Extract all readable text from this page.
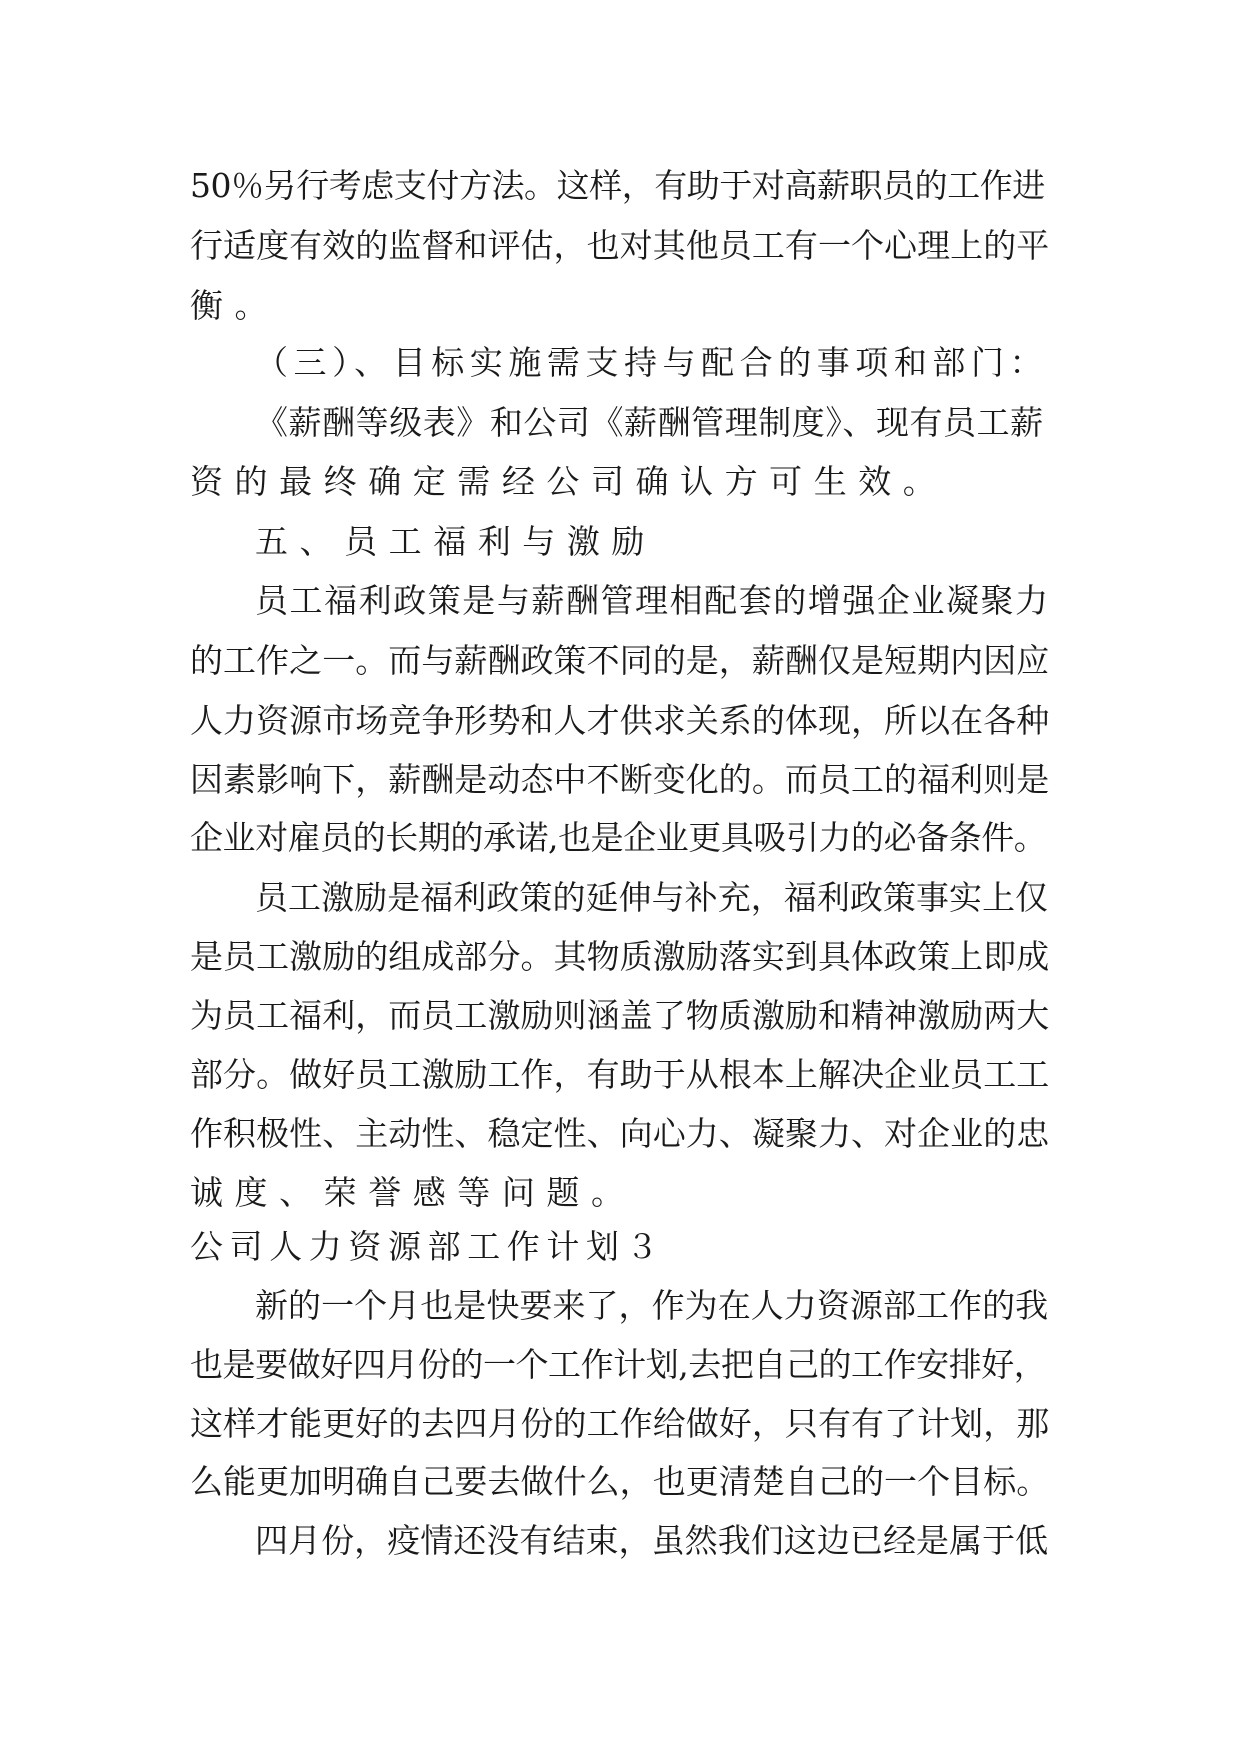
50％另行考虑支付方法。这样，有助于对高薪职员的工作进
行适度有效的监督和评估，也对其他员工有一个心理上的平
衡。
（三）、目标实施需支持与配合的事项和部门：
《薪酬等级表》和公司《薪酬管理制度》、现有员工薪
资的最终确定需经公司确认方可生效。
五、员工福利与激励
员工福利政策是与薪酬管理相配套的增强企业凝聚力
的工作之一。而与薪酬政策不同的是，薪酬仅是短期内因应
人力资源市场竞争形势和人才供求关系的体现，所以在各种
因素影响下，薪酬是动态中不断变化的。而员工的福利则是
企业对雇员的长期的承诺,也是企业更具吸引力的必备条件。
员工激励是福利政策的延伸与补充，福利政策事实上仅
是员工激励的组成部分。其物质激励落实到具体政策上即成
为员工福利，而员工激励则涵盖了物质激励和精神激励两大
部分。做好员工激励工作，有助于从根本上解决企业员工工
作积极性、主动性、稳定性、向心力、凝聚力、对企业的忠
诚度、荣誉感等问题。
公司人力资源部工作计划３
新的一个月也是快要来了，作为在人力资源部工作的我
也是要做好四月份的一个工作计划,去把自己的工作安排好，
这样才能更好的去四月份的工作给做好，只有有了计划，那
么能更加明确自己要去做什么，也更清楚自己的一个目标。
四月份，疫情还没有结束，虽然我们这边已经是属于低
